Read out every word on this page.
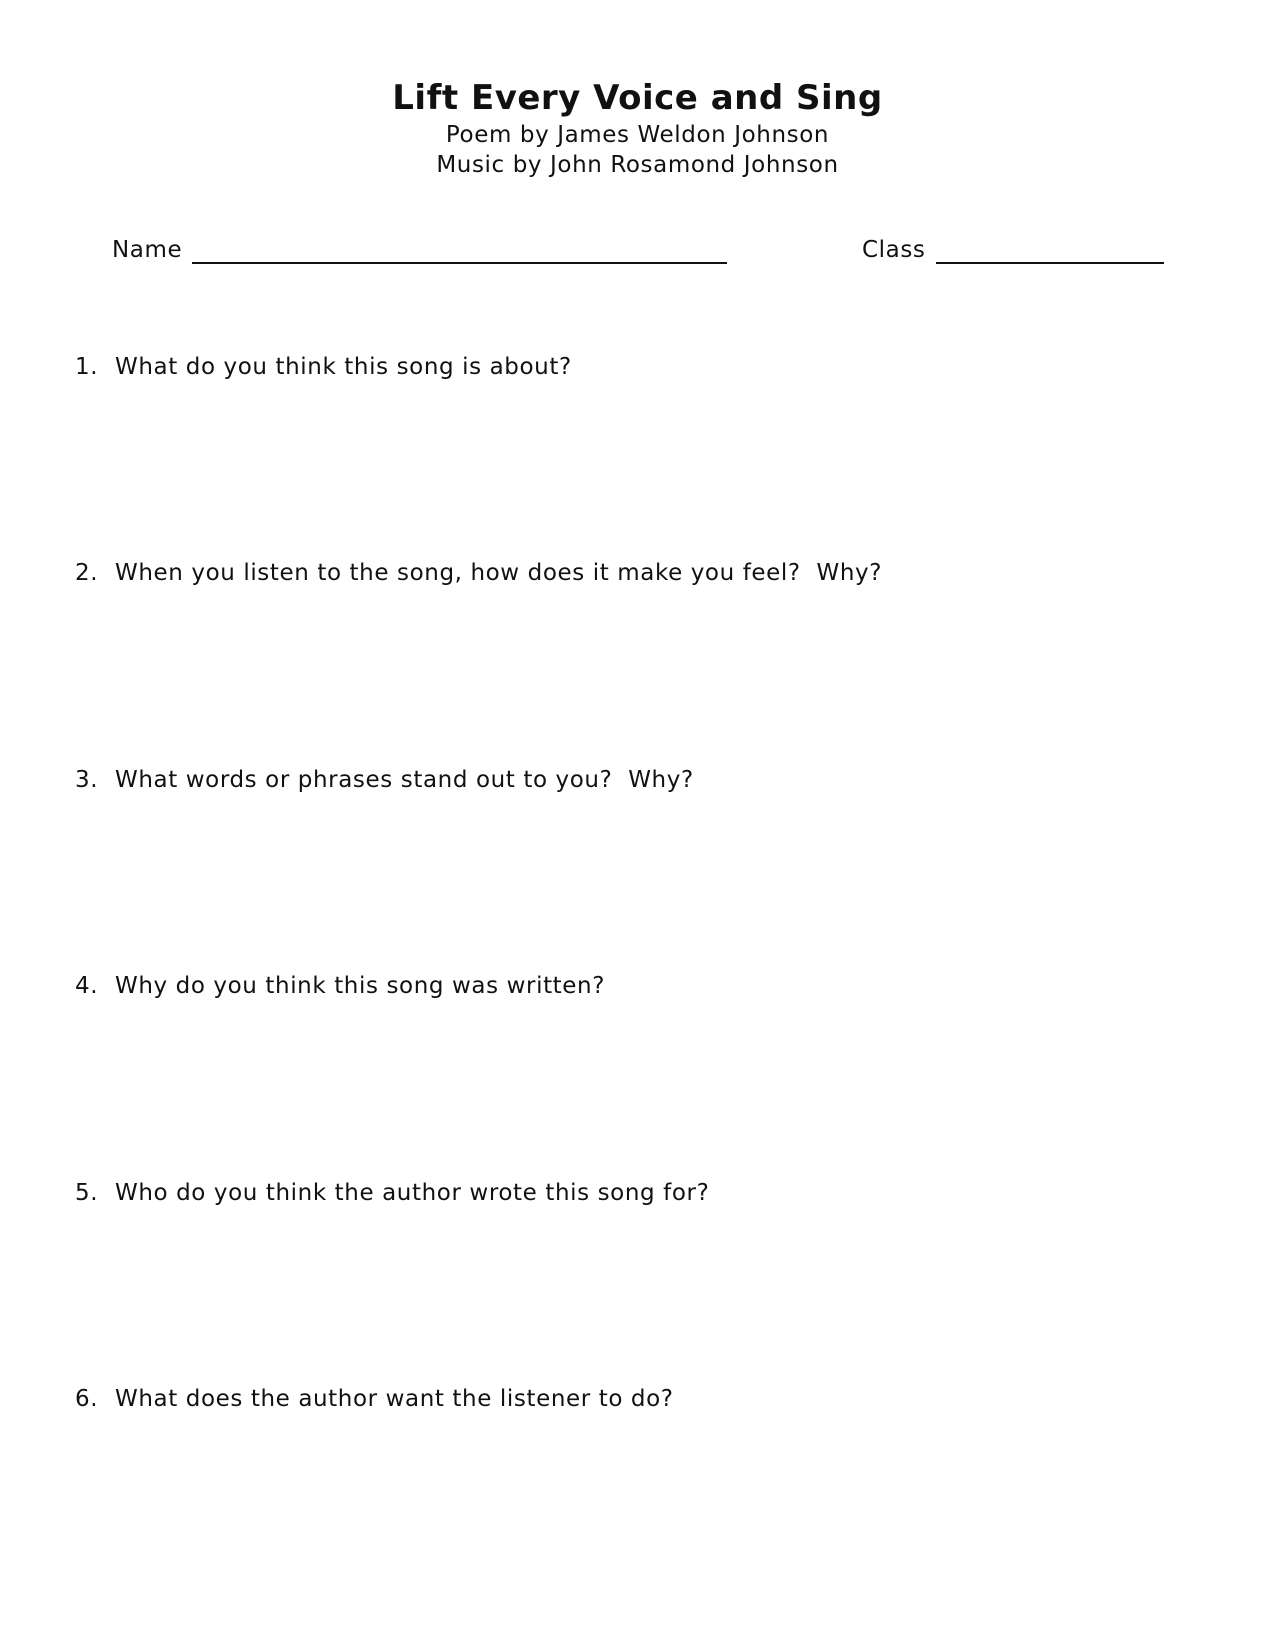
Lift Every Voice and Sing
Poem by James Weldon Johnson
Music by John Rosamond Johnson
Name	Class
1. What do you think this song is about?
2. When you listen to the song, how does it make you feel?  Why?
3. What words or phrases stand out to you?  Why?
4. Why do you think this song was written?
5. Who do you think the author wrote this song for?
6. What does the author want the listener to do?
